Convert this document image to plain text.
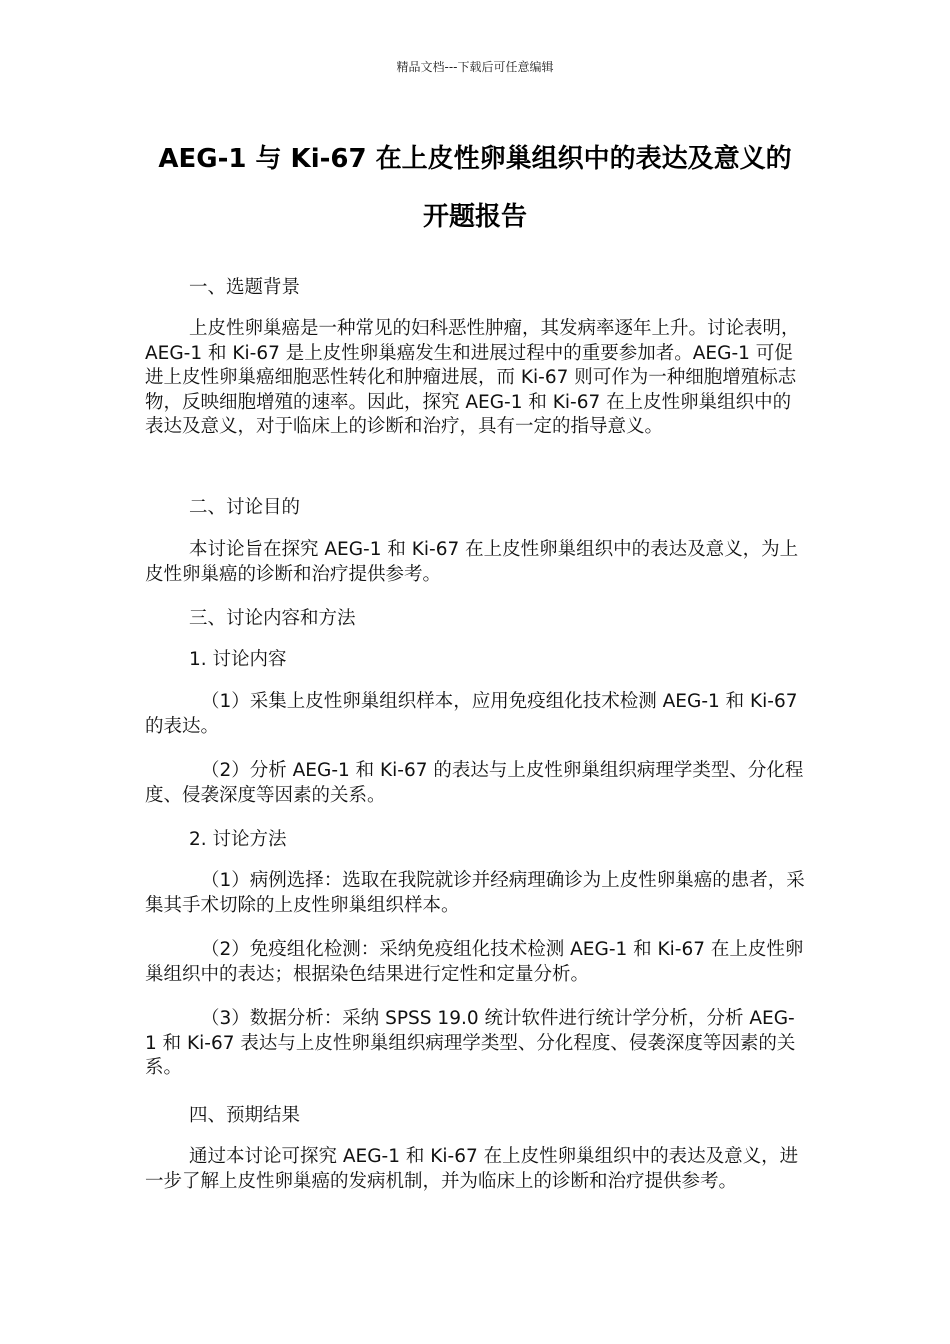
精品文档---下载后可任意编辑
AEG-1 与 Ki-67 在上皮性卵巢组织中的表达及意义的
开题报告

一、选题背景

上皮性卵巢癌是一种常见的妇科恶性肿瘤，其发病率逐年上升。讨论表明，AEG-1 和 Ki-67 是上皮性卵巢癌发生和进展过程中的重要参加者。AEG-1 可促进上皮性卵巢癌细胞恶性转化和肿瘤进展，而 Ki-67 则可作为一种细胞增殖标志物，反映细胞增殖的速率。因此，探究 AEG-1 和 Ki-67 在上皮性卵巢组织中的表达及意义，对于临床上的诊断和治疗，具有一定的指导意义。

二、讨论目的

本讨论旨在探究 AEG-1 和 Ki-67 在上皮性卵巢组织中的表达及意义，为上皮性卵巢癌的诊断和治疗提供参考。

三、讨论内容和方法

1. 讨论内容

（1）采集上皮性卵巢组织样本，应用免疫组化技术检测 AEG-1 和 Ki-67 的表达。

（2）分析 AEG-1 和 Ki-67 的表达与上皮性卵巢组织病理学类型、分化程度、侵袭深度等因素的关系。

2. 讨论方法

（1）病例选择：选取在我院就诊并经病理确诊为上皮性卵巢癌的患者，采集其手术切除的上皮性卵巢组织样本。

（2）免疫组化检测：采纳免疫组化技术检测 AEG-1 和 Ki-67 在上皮性卵巢组织中的表达；根据染色结果进行定性和定量分析。

（3）数据分析：采纳 SPSS 19.0 统计软件进行统计学分析，分析 AEG-1 和 Ki-67 表达与上皮性卵巢组织病理学类型、分化程度、侵袭深度等因素的关系。

四、预期结果

通过本讨论可探究 AEG-1 和 Ki-67 在上皮性卵巢组织中的表达及意义，进一步了解上皮性卵巢癌的发病机制，并为临床上的诊断和治疗提供参考。
